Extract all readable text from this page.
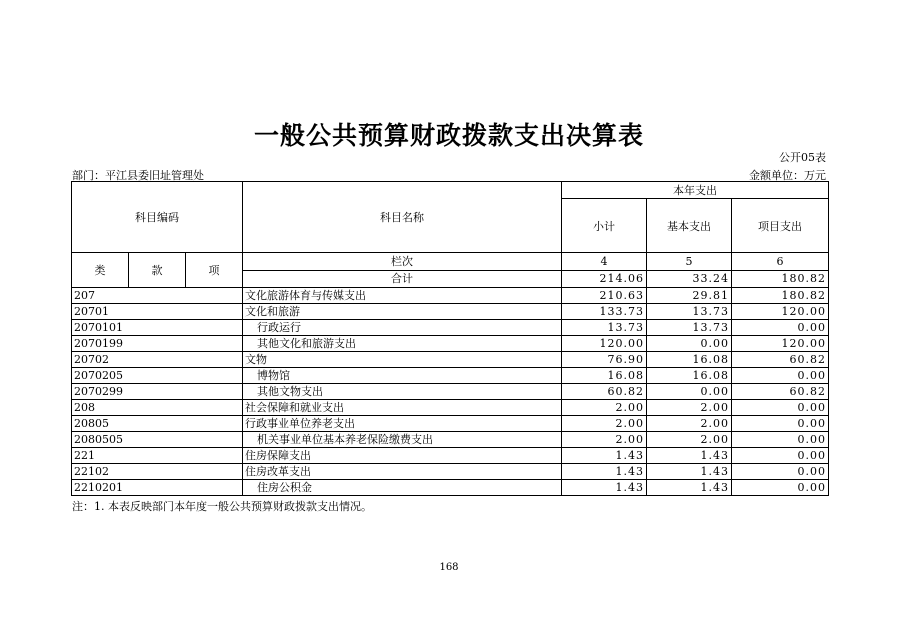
一般公共预算财政拨款支出决算表
公开05表
部门：平江县委旧址管理处	金额单位：万元
科目编码			科目名称	本年支出		
				小计	基本支出	项目支出
类	款	项	栏次	4	5	6
			合计	214.06	33.24	180.82
207			文化旅游体育与传媒支出	210.63	29.81	180.82
20701			文化和旅游	133.73	13.73	120.00
2070101			行政运行	13.73	13.73	0.00
2070199			其他文化和旅游支出	120.00	0.00	120.00
20702			文物	76.90	16.08	60.82
2070205			博物馆	16.08	16.08	0.00
2070299			其他文物支出	60.82	0.00	60.82
208			社会保障和就业支出	2.00	2.00	0.00
20805			行政事业单位养老支出	2.00	2.00	0.00
2080505			机关事业单位基本养老保险缴费支出	2.00	2.00	0.00
221			住房保障支出	1.43	1.43	0.00
22102			住房改革支出	1.43	1.43	0.00
2210201			住房公积金	1.43	1.43	0.00
注：1. 本表反映部门本年度一般公共预算财政拨款支出情况。
168
